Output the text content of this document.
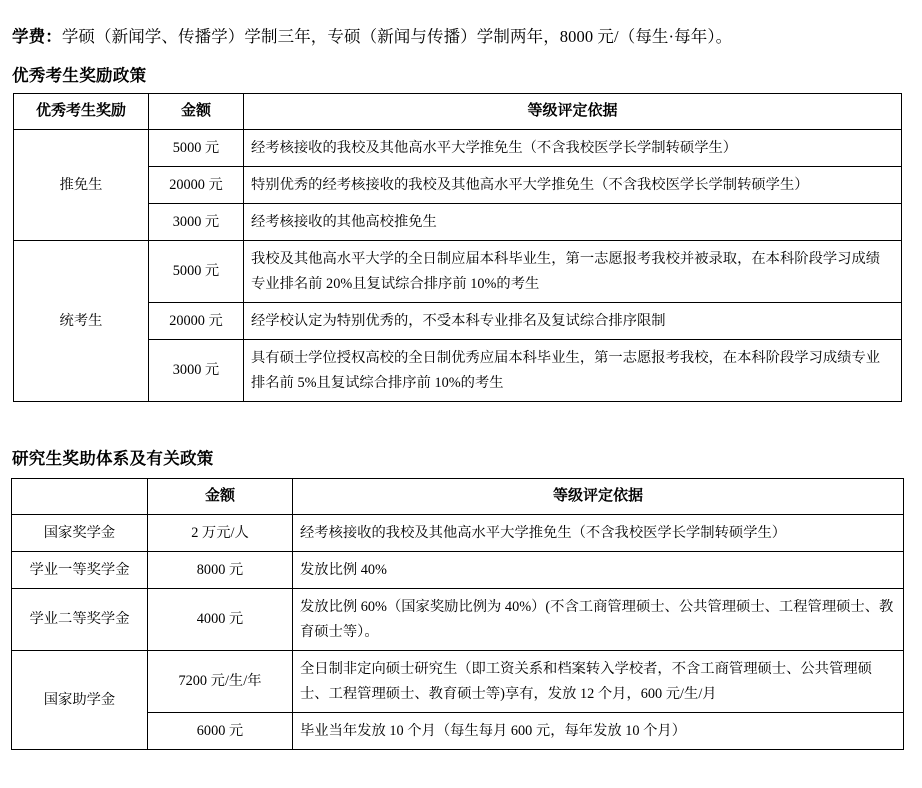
学费：学硕（新闻学、传播学）学制三年，专硕（新闻与传播）学制两年，8000 元/（每生·每年）。

优秀考生奖励政策
优秀考生奖励	金额	等级评定依据
推免生	5000 元	经考核接收的我校及其他高水平大学推免生（不含我校医学长学制转硕学生）
	20000 元	特别优秀的经考核接收的我校及其他高水平大学推免生（不含我校医学长学制转硕学生）
	3000 元	经考核接收的其他高校推免生
统考生	5000 元	我校及其他高水平大学的全日制应届本科毕业生，第一志愿报考我校并被录取，在本科阶段学习成绩专业排名前 20%且复试综合排序前 10%的考生
	20000 元	经学校认定为特别优秀的，不受本科专业排名及复试综合排序限制
	3000 元	具有硕士学位授权高校的全日制优秀应届本科毕业生，第一志愿报考我校，在本科阶段学习成绩专业排名前 5%且复试综合排序前 10%的考生
研究生奖助体系及有关政策
	金额	等级评定依据
国家奖学金	2 万元/人	经考核接收的我校及其他高水平大学推免生（不含我校医学长学制转硕学生）
学业一等奖学金	8000 元	发放比例 40%
学业二等奖学金	4000 元	发放比例 60%（国家奖励比例为 40%）(不含工商管理硕士、公共管理硕士、工程管理硕士、教育硕士等）。
国家助学金	7200 元/生/年	全日制非定向硕士研究生（即工资关系和档案转入学校者，不含工商管理硕士、公共管理硕士、工程管理硕士、教育硕士等)享有，发放 12 个月，600 元/生/月
	6000 元	毕业当年发放 10 个月（每生每月 600 元，每年发放 10 个月）
